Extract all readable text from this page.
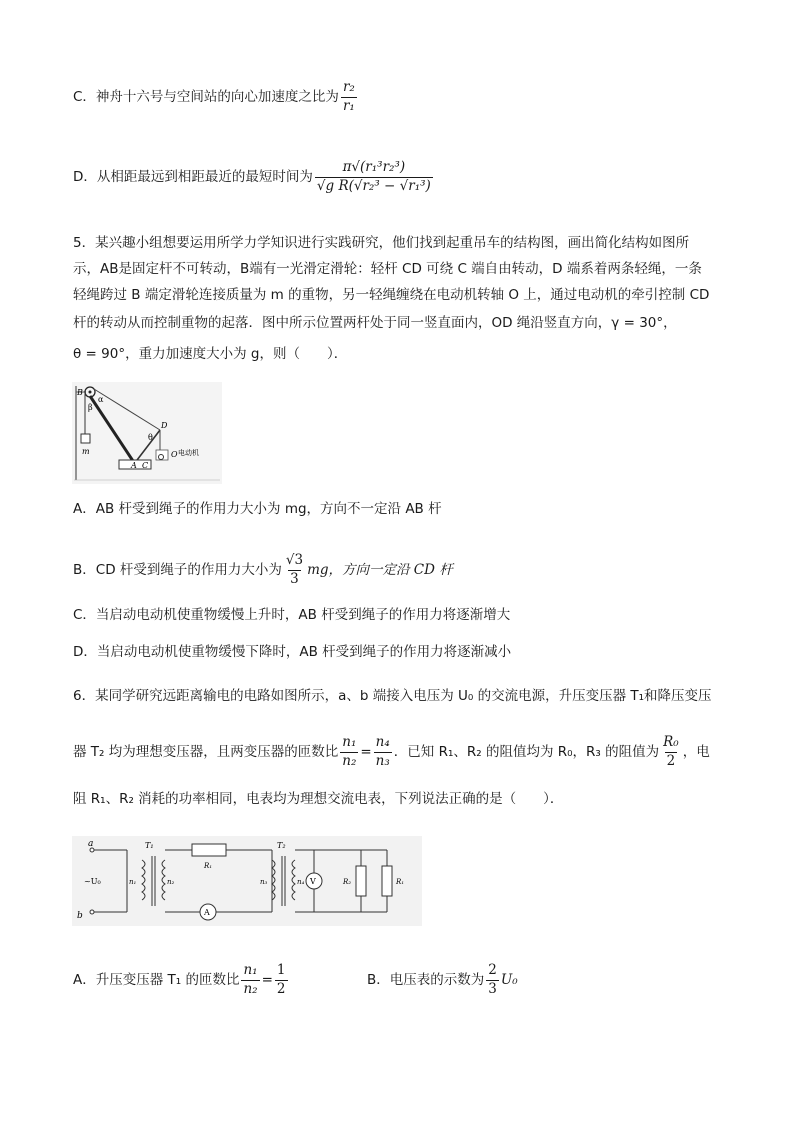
C．神舟十六号与空间站的向心加速度之比为 $\frac{\text{r₂}}{\text{r₁}}$
D．从相距最远到相距最近的最短时间为 $\frac{\text{π√(r₁³r₂³)}}{\text{√g R(√r₂³ − √r₁³)}}$
5．某兴趣小组想要运用所学力学知识进行实践研究，他们找到起重吊车的结构图，画出简化结构如图所
示，AB是固定杆不可转动，B端有一光滑定滑轮：轻杆 CD 可绕 C 端自由转动，D 端系着两条轻绳，一条
轻绳跨过 B 端定滑轮连接质量为 m 的重物，另一轻绳缠绕在电动机转轴 O 上，通过电动机的牵引控制 CD
杆的转动从而控制重物的起落．图中所示位置两杆处于同一竖直面内，OD 绳沿竖直方向，γ = 30°，
θ = 90°，重力加速度大小为 g，则（　　）．
B
α
β
D
θ
O 电动机
m
A C
A．AB 杆受到绳子的作用力大小为 mg，方向不一定沿 AB 杆
B．CD 杆受到绳子的作用力大小为 $\frac{√3}{3}$ mg，方向一定沿 CD 杆
C．当启动电动机使重物缓慢上升时，AB 杆受到绳子的作用力将逐渐增大
D．当启动电动机使重物缓慢下降时，AB 杆受到绳子的作用力将逐渐减小
6．某同学研究远距离输电的电路如图所示，a、b 端接入电压为 U₀ 的交流电源，升压变压器 T₁和降压变压
器 T₂ 均为理想变压器，且两变压器的匝数比 $\frac{\text{n₁}}{\text{n₂}} = \frac{\text{n₄}}{\text{n₃}}$ ．已知 R₁、R₂ 的阻值均为 R₀，R₃ 的阻值为 $\frac{\text{R₀}}{2}$ ，电
阻 R₁、R₂ 消耗的功率相同，电表均为理想交流电表，下列说法正确的是（　　）．
a
b
~U₀
T₁	T₂
n₁	n₂	n₃	n₄
R₁
R₂	R₁
V
A
A．升压变压器 T₁ 的匝数比 $\frac{\text{n₁}}{\text{n₂}} = \frac{1}{2}$	B．电压表的示数为 $\frac{2}{3} U_0$
